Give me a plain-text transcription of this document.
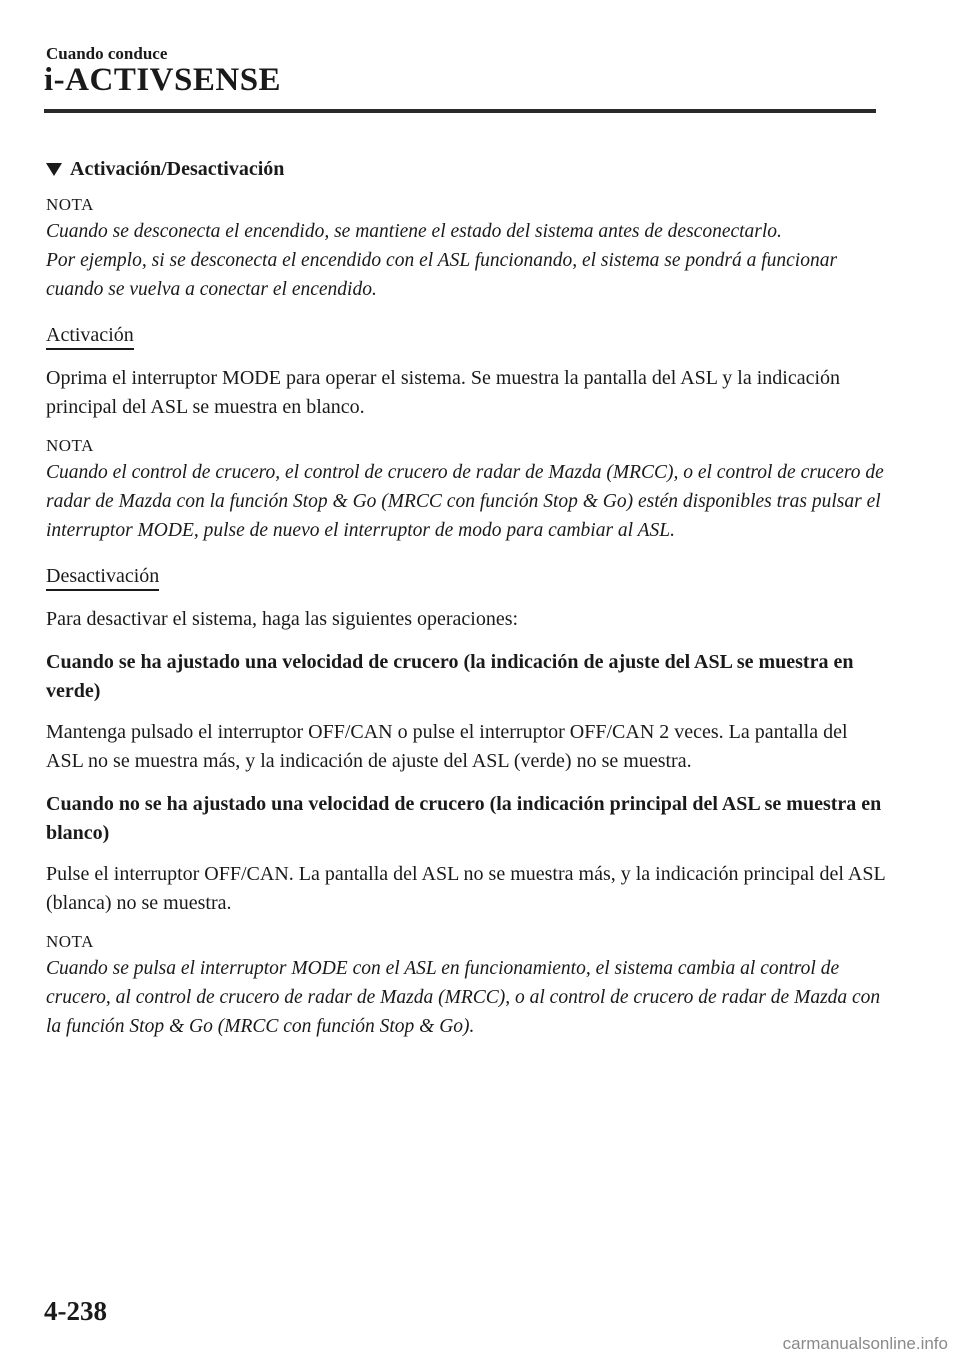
Cuando conduce
i-ACTIVSENSE
Activación/Desactivación
NOTA
Cuando se desconecta el encendido, se mantiene el estado del sistema antes de desconectarlo.
Por ejemplo, si se desconecta el encendido con el ASL funcionando, el sistema se pondrá a funcionar cuando se vuelva a conectar el encendido.
Activación
Oprima el interruptor MODE para operar el sistema. Se muestra la pantalla del ASL y la indicación principal del ASL se muestra en blanco.
NOTA
Cuando el control de crucero, el control de crucero de radar de Mazda (MRCC), o el control de crucero de radar de Mazda con la función Stop & Go (MRCC con función Stop & Go) estén disponibles tras pulsar el interruptor MODE, pulse de nuevo el interruptor de modo para cambiar al ASL.
Desactivación
Para desactivar el sistema, haga las siguientes operaciones:
Cuando se ha ajustado una velocidad de crucero (la indicación de ajuste del ASL se muestra en verde)
Mantenga pulsado el interruptor OFF/CAN o pulse el interruptor OFF/CAN 2 veces. La pantalla del ASL no se muestra más, y la indicación de ajuste del ASL (verde) no se muestra.
Cuando no se ha ajustado una velocidad de crucero (la indicación principal del ASL se muestra en blanco)
Pulse el interruptor OFF/CAN. La pantalla del ASL no se muestra más, y la indicación principal del ASL (blanca) no se muestra.
NOTA
Cuando se pulsa el interruptor MODE con el ASL en funcionamiento, el sistema cambia al control de crucero, al control de crucero de radar de Mazda (MRCC), o al control de crucero de radar de Mazda con la función Stop & Go (MRCC con función Stop & Go).
4-238
carmanualsonline.info
